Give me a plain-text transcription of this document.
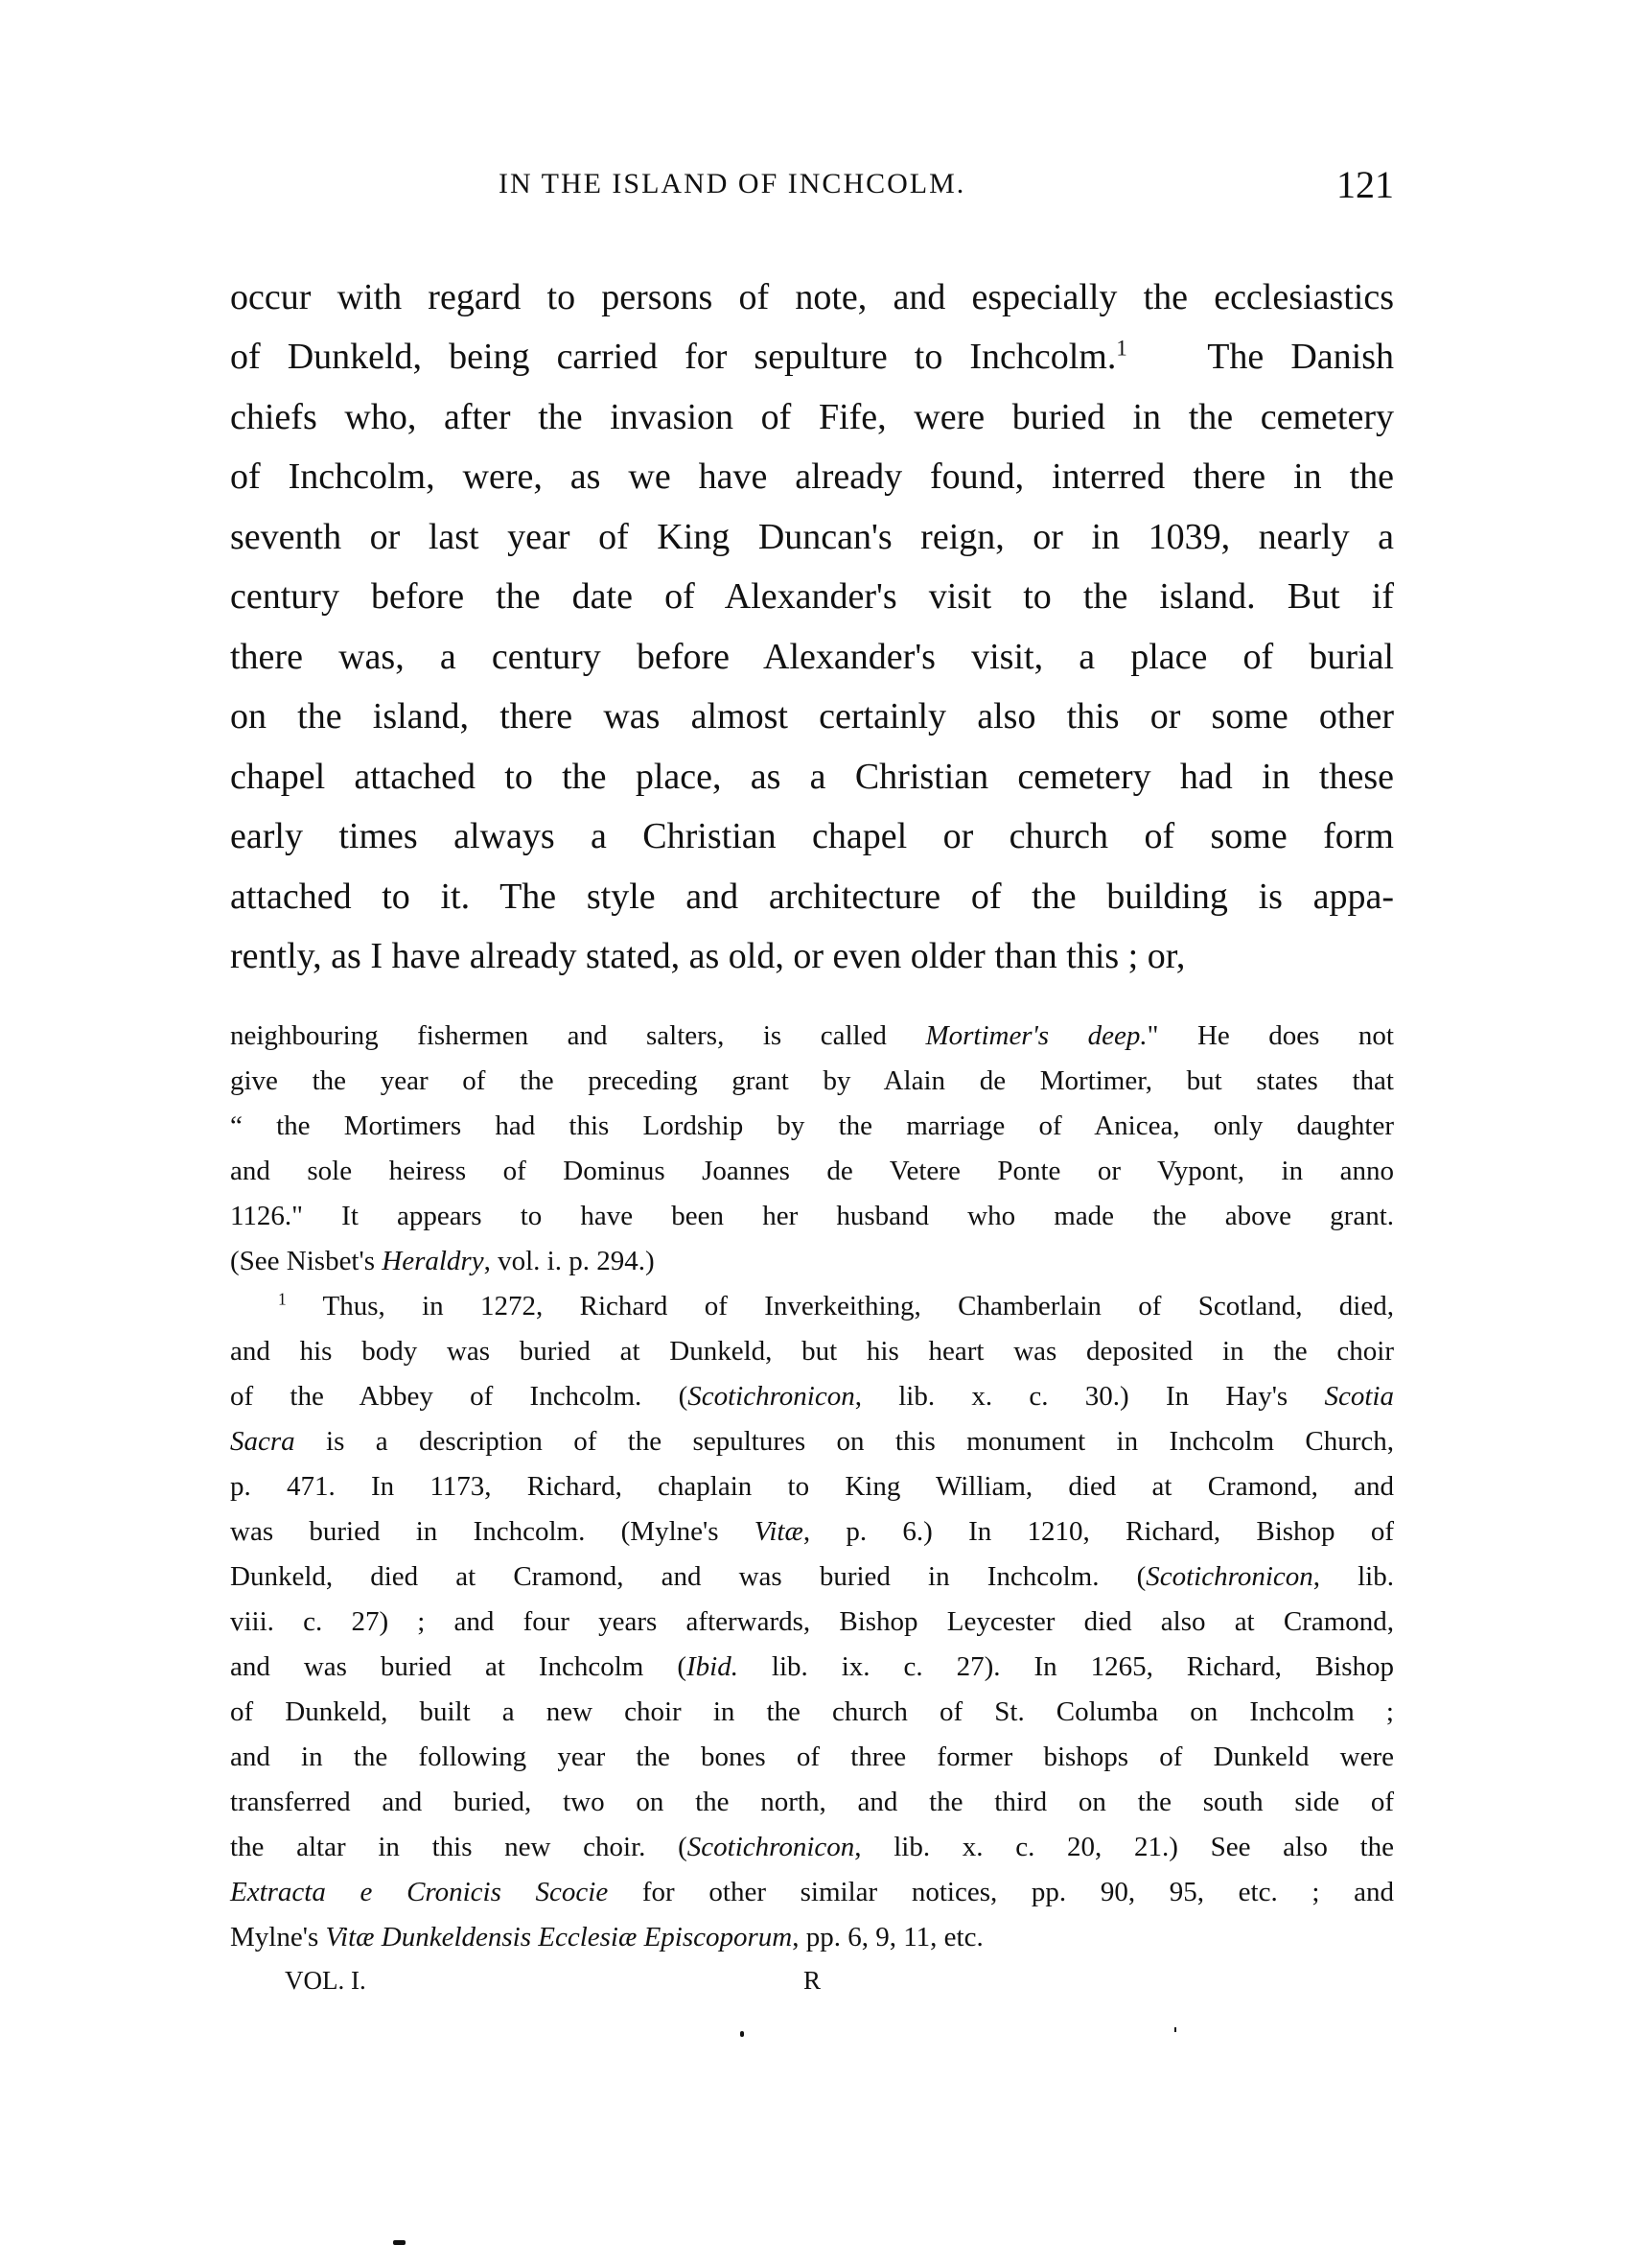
IN THE ISLAND OF INCHCOLM.	121
occur with regard to persons of note, and especially the ecclesiastics
of Dunkeld, being carried for sepulture to Inchcolm.$^1$ The Danish
chiefs who, after the invasion of Fife, were buried in the cemetery
of Inchcolm, were, as we have already found, interred there in the
seventh or last year of King Duncan's reign, or in 1039, nearly a
century before the date of Alexander's visit to the island. But if
there was, a century before Alexander's visit, a place of burial
on the island, there was almost certainly also this or some other
chapel attached to the place, as a Christian cemetery had in these
early times always a Christian chapel or church of some form
attached to it. The style and architecture of the building is appa-
rently, as I have already stated, as old, or even older than this ; or,
neighbouring fishermen and salters, is called Mortimer's deep." He does not
give the year of the preceding grant by Alain de Mortimer, but states that
“ the Mortimers had this Lordship by the marriage of Anicea, only daughter
and sole heiress of Dominus Joannes de Vetere Ponte or Vypont, in anno
1126." It appears to have been her husband who made the above grant.
(See Nisbet's Heraldry, vol. i. p. 294.)
$^1$ Thus, in 1272, Richard of Inverkeithing, Chamberlain of Scotland, died,
and his body was buried at Dunkeld, but his heart was deposited in the choir
of the Abbey of Inchcolm. (Scotichronicon, lib. x. c. 30.) In Hay's Scotia
Sacra is a description of the sepultures on this monument in Inchcolm Church,
p. 471. In 1173, Richard, chaplain to King William, died at Cramond, and
was buried in Inchcolm. (Mylne's Vitæ, p. 6.) In 1210, Richard, Bishop of
Dunkeld, died at Cramond, and was buried in Inchcolm. (Scotichronicon, lib.
viii. c. 27) ; and four years afterwards, Bishop Leycester died also at Cramond,
and was buried at Inchcolm (Ibid. lib. ix. c. 27). In 1265, Richard, Bishop
of Dunkeld, built a new choir in the church of St. Columba on Inchcolm ;
and in the following year the bones of three former bishops of Dunkeld were
transferred and buried, two on the north, and the third on the south side of
the altar in this new choir. (Scotichronicon, lib. x. c. 20, 21.) See also the
Extracta e Cronicis Scocie for other similar notices, pp. 90, 95, etc. ; and
Mylne's Vitæ Dunkeldensis Ecclesiæ Episcoporum, pp. 6, 9, 11, etc.
VOL. I.	R
